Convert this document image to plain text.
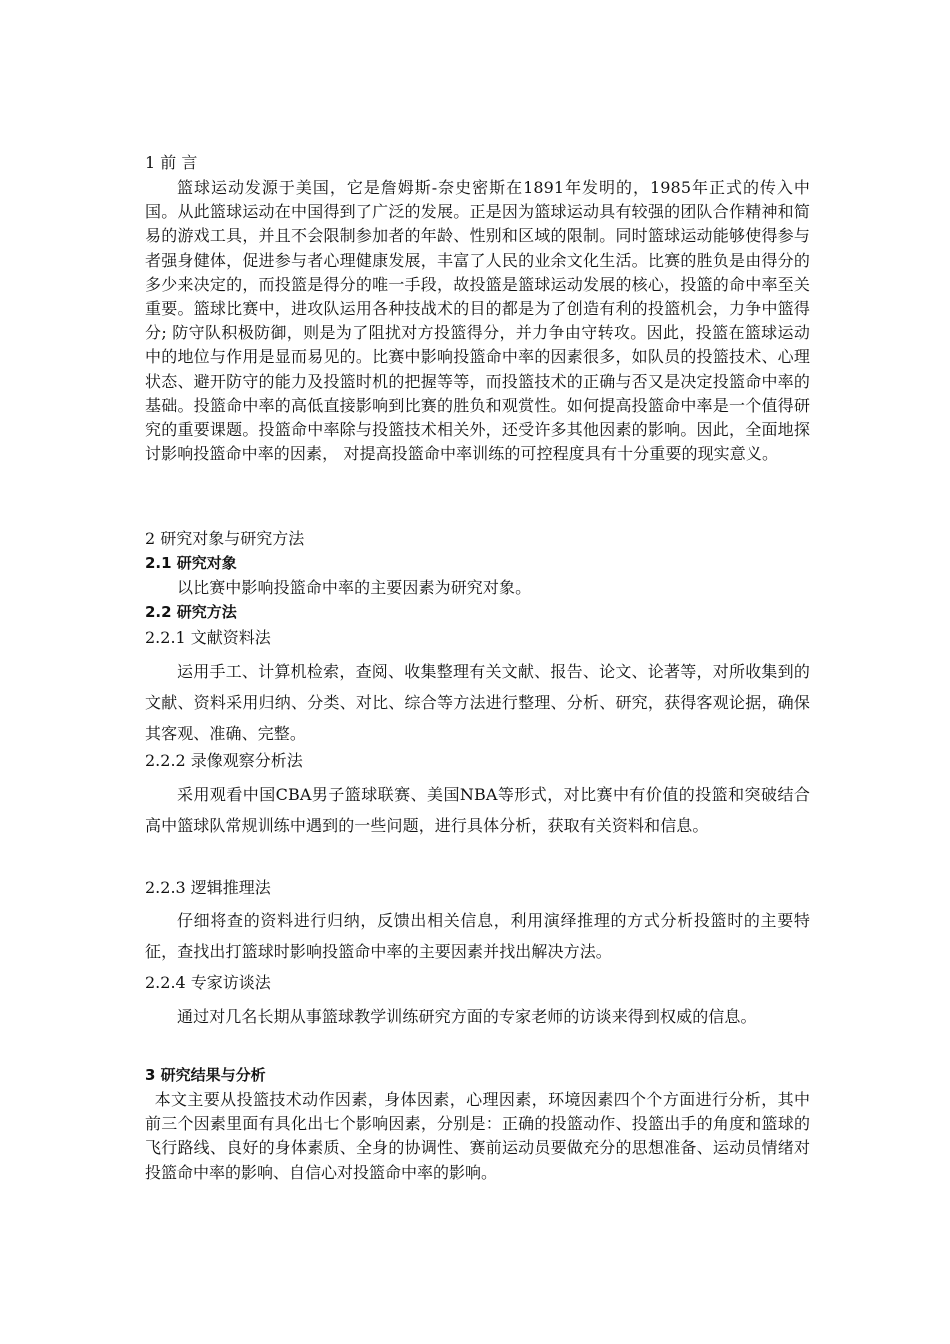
1 前 言

篮球运动发源于美国，它是詹姆斯-奈史密斯在1891年发明的，1985年正式的传入中国。从此篮球运动在中国得到了广泛的发展。正是因为篮球运动具有较强的团队合作精神和简易的游戏工具，并且不会限制参加者的年龄、性别和区域的限制。同时篮球运动能够使得参与者强身健体，促进参与者心理健康发展，丰富了人民的业余文化生活。比赛的胜负是由得分的多少来决定的，而投篮是得分的唯一手段，故投篮是篮球运动发展的核心，投篮的命中率至关重要。篮球比赛中，进攻队运用各种技战术的目的都是为了创造有利的投篮机会，力争中篮得分; 防守队积极防御，则是为了阻扰对方投篮得分，并力争由守转攻。因此，投篮在篮球运动中的地位与作用是显而易见的。比赛中影响投篮命中率的因素很多，如队员的投篮技术、心理状态、避开防守的能力及投篮时机的把握等等，而投篮技术的正确与否又是决定投篮命中率的基础。投篮命中率的高低直接影响到比赛的胜负和观赏性。如何提高投篮命中率是一个值得研究的重要课题。投篮命中率除与投篮技术相关外，还受许多其他因素的影响。因此，全面地探讨影响投篮命中率的因素， 对提高投篮命中率训练的可控程度具有十分重要的现实意义。

2 研究对象与研究方法
2.1 研究对象

以比赛中影响投篮命中率的主要因素为研究对象。

2.2 研究方法
2.2.1 文献资料法

运用手工、计算机检索，查阅、收集整理有关文献、报告、论文、论著等，对所收集到的文献、资料采用归纳、分类、对比、综合等方法进行整理、分析、研究，获得客观论据，确保其客观、准确、完整。

2.2.2 录像观察分析法

采用观看中国CBA男子篮球联赛、美国NBA等形式，对比赛中有价值的投篮和突破结合高中篮球队常规训练中遇到的一些问题，进行具体分析，获取有关资料和信息。

2.2.3 逻辑推理法

仔细将查的资料进行归纳，反馈出相关信息，利用演绎推理的方式分析投篮时的主要特征，查找出打篮球时影响投篮命中率的主要因素并找出解决方法。

2.2.4 专家访谈法

通过对几名长期从事篮球教学训练研究方面的专家老师的访谈来得到权威的信息。

3 研究结果与分析

本文主要从投篮技术动作因素，身体因素，心理因素，环境因素四个个方面进行分析，其中前三个因素里面有具化出七个影响因素，分别是：正确的投篮动作、投篮出手的角度和篮球的飞行路线、良好的身体素质、全身的协调性、赛前运动员要做充分的思想准备、运动员情绪对投篮命中率的影响、自信心对投篮命中率的影响。
